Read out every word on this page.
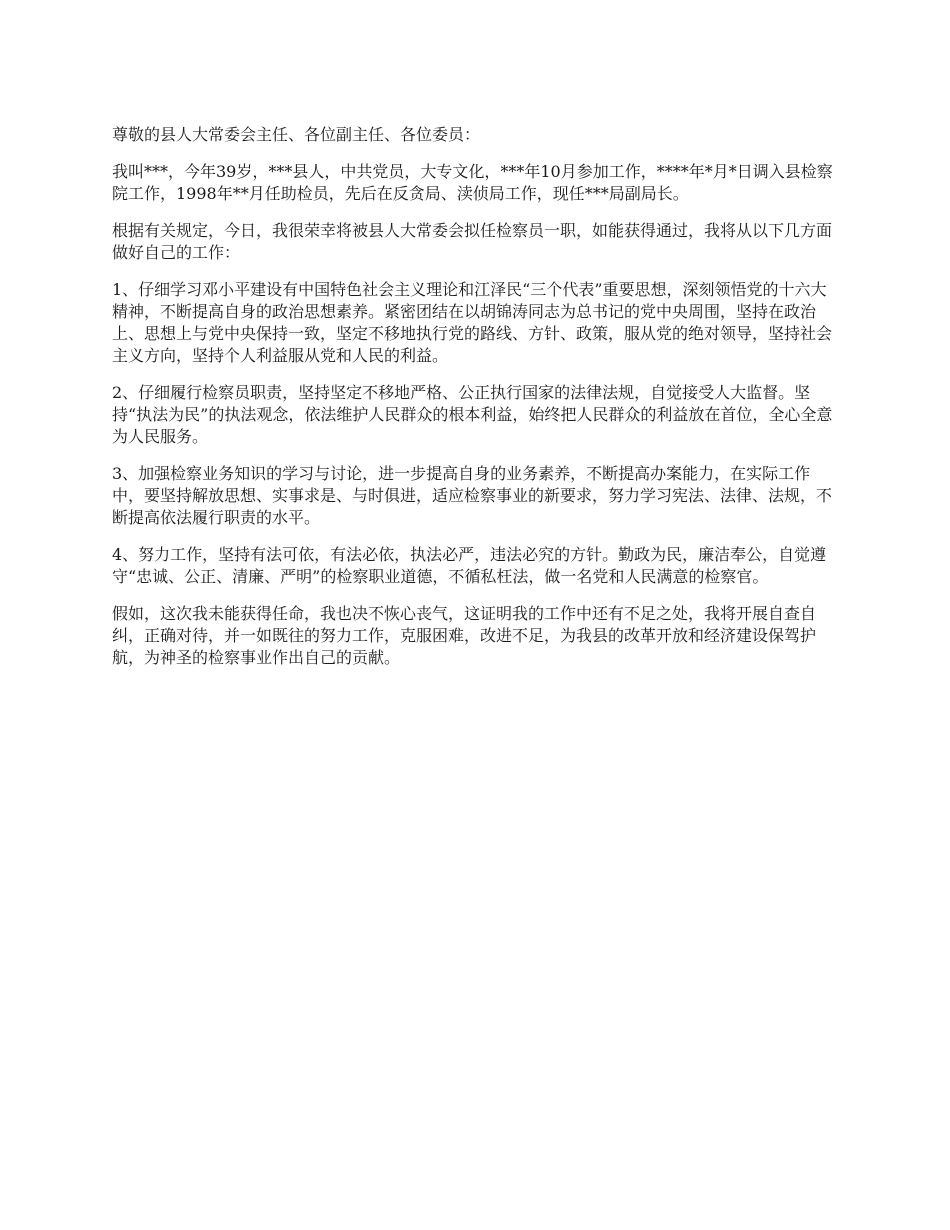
尊敬的县人大常委会主任、各位副主任、各位委员：

我叫***，今年39岁，***县人，中共党员，大专文化，***年10月参加工作，****年*月*日调入县检察院工作，1998年**月任助检员，先后在反贪局、渎侦局工作，现任***局副局长。

根据有关规定，今日，我很荣幸将被县人大常委会拟任检察员一职，如能获得通过，我将从以下几方面做好自己的工作：

1、仔细学习邓小平建设有中国特色社会主义理论和江泽民“三个代表”重要思想，深刻领悟党的十六大精神，不断提高自身的政治思想素养。紧密团结在以胡锦涛同志为总书记的党中央周围，坚持在政治上、思想上与党中央保持一致，坚定不移地执行党的路线、方针、政策，服从党的绝对领导，坚持社会主义方向，坚持个人利益服从党和人民的利益。

2、仔细履行检察员职责，坚持坚定不移地严格、公正执行国家的法律法规，自觉接受人大监督。坚持“执法为民”的执法观念，依法维护人民群众的根本利益，始终把人民群众的利益放在首位，全心全意为人民服务。

3、加强检察业务知识的学习与讨论，进一步提高自身的业务素养，不断提高办案能力，在实际工作中，要坚持解放思想、实事求是、与时俱进，适应检察事业的新要求，努力学习宪法、法律、法规，不断提高依法履行职责的水平。

4、努力工作，坚持有法可依，有法必依，执法必严，违法必究的方针。勤政为民，廉洁奉公，自觉遵守“忠诚、公正、清廉、严明”的检察职业道德，不循私枉法，做一名党和人民满意的检察官。

假如，这次我未能获得任命，我也决不恢心丧气，这证明我的工作中还有不足之处，我将开展自查自纠，正确对待，并一如既往的努力工作，克服困难，改进不足，为我县的改革开放和经济建设保驾护航，为神圣的检察事业作出自己的贡献。
